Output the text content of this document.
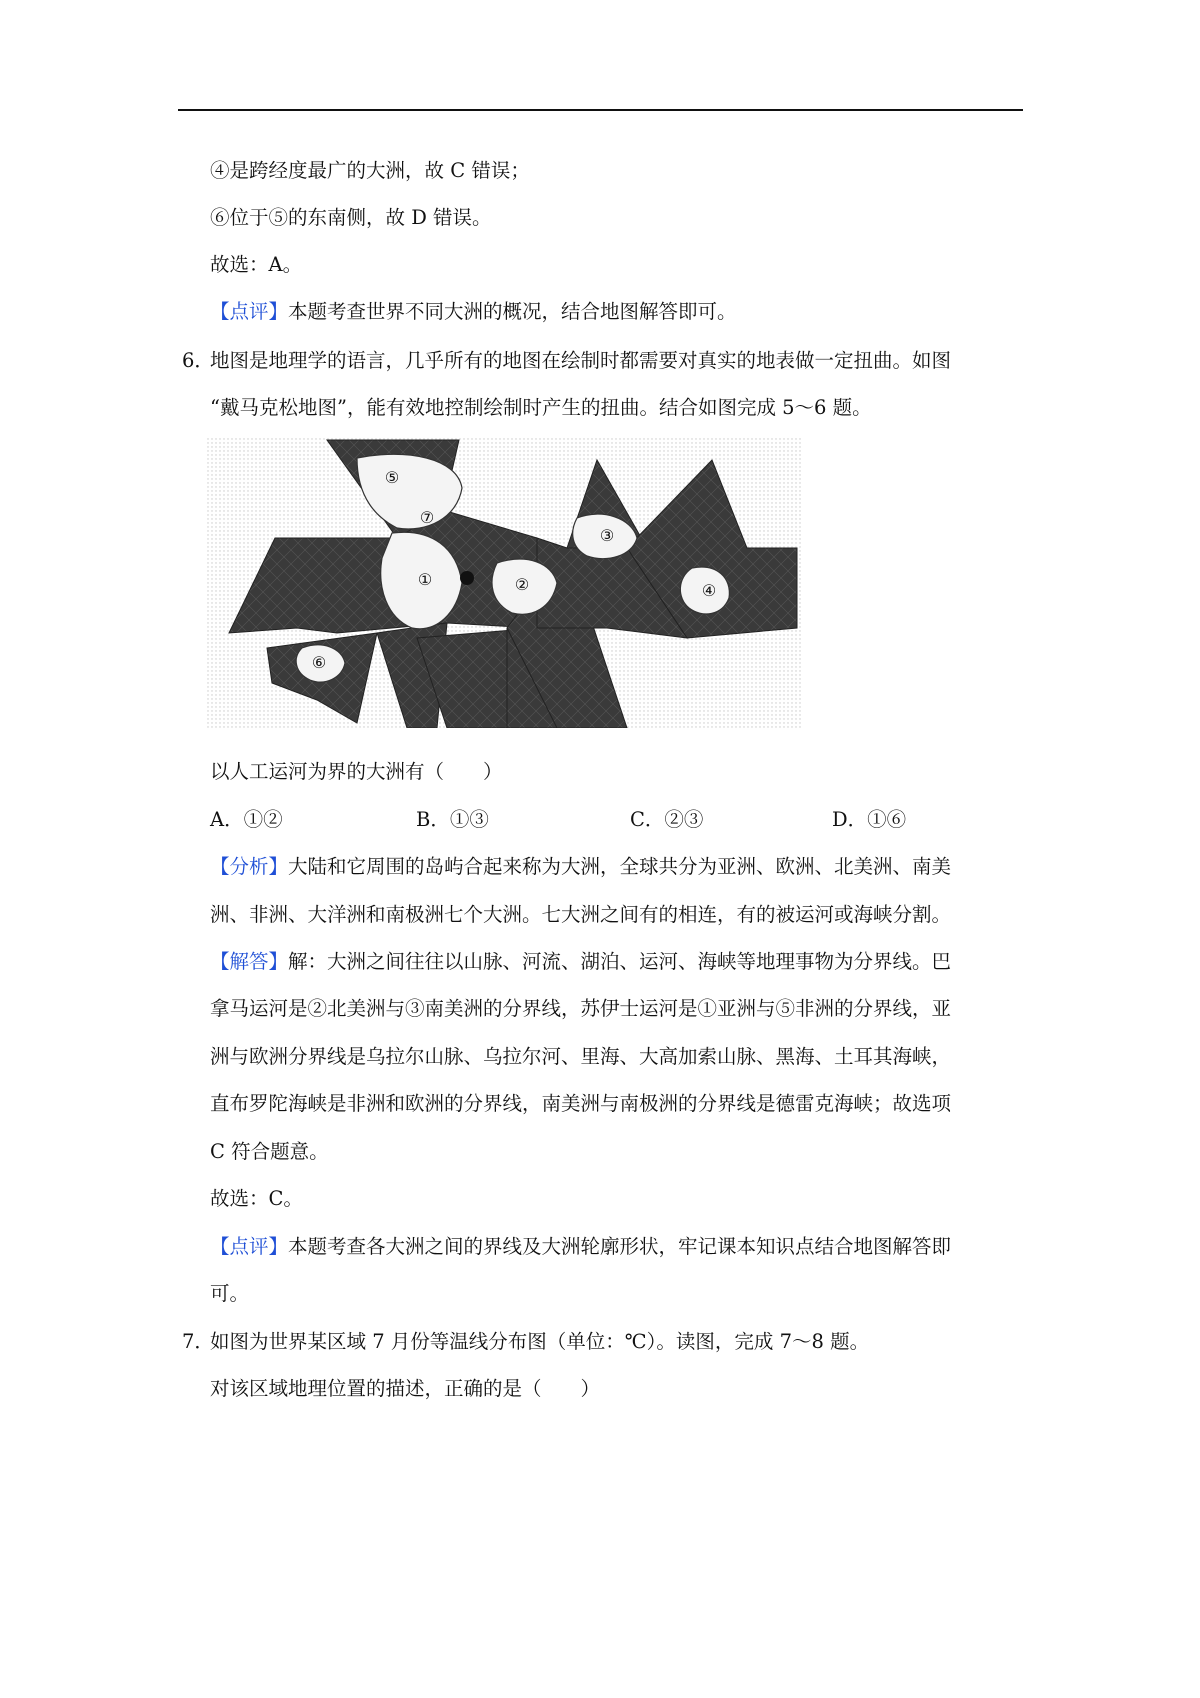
④是跨经度最广的大洲，故 C 错误；
⑥位于⑤的东南侧，故 D 错误。
故选：A。
【点评】本题考查世界不同大洲的概况，结合地图解答即可。
6．
地图是地理学的语言，几乎所有的地图在绘制时都需要对真实的地表做一定扭曲。如图
“戴马克松地图”，能有效地控制绘制时产生的扭曲。结合如图完成 5～6 题。
⑤
⑦
①	②
③
④
⑥
以人工运河为界的大洲有（　　）
A．①②	B．①③	C．②③	D．①⑥
【分析】大陆和它周围的岛屿合起来称为大洲，全球共分为亚洲、欧洲、北美洲、南美
洲、非洲、大洋洲和南极洲七个大洲。七大洲之间有的相连，有的被运河或海峡分割。
【解答】解：大洲之间往往以山脉、河流、湖泊、运河、海峡等地理事物为分界线。巴
拿马运河是②北美洲与③南美洲的分界线，苏伊士运河是①亚洲与⑤非洲的分界线，亚
洲与欧洲分界线是乌拉尔山脉、乌拉尔河、里海、大高加索山脉、黑海、土耳其海峡，
直布罗陀海峡是非洲和欧洲的分界线，南美洲与南极洲的分界线是德雷克海峡；故选项
C 符合题意。
故选：C。
【点评】本题考查各大洲之间的界线及大洲轮廓形状，牢记课本知识点结合地图解答即
可。
7．
如图为世界某区域 7 月份等温线分布图（单位：℃）。读图，完成 7～8 题。
对该区域地理位置的描述，正确的是（　　）
